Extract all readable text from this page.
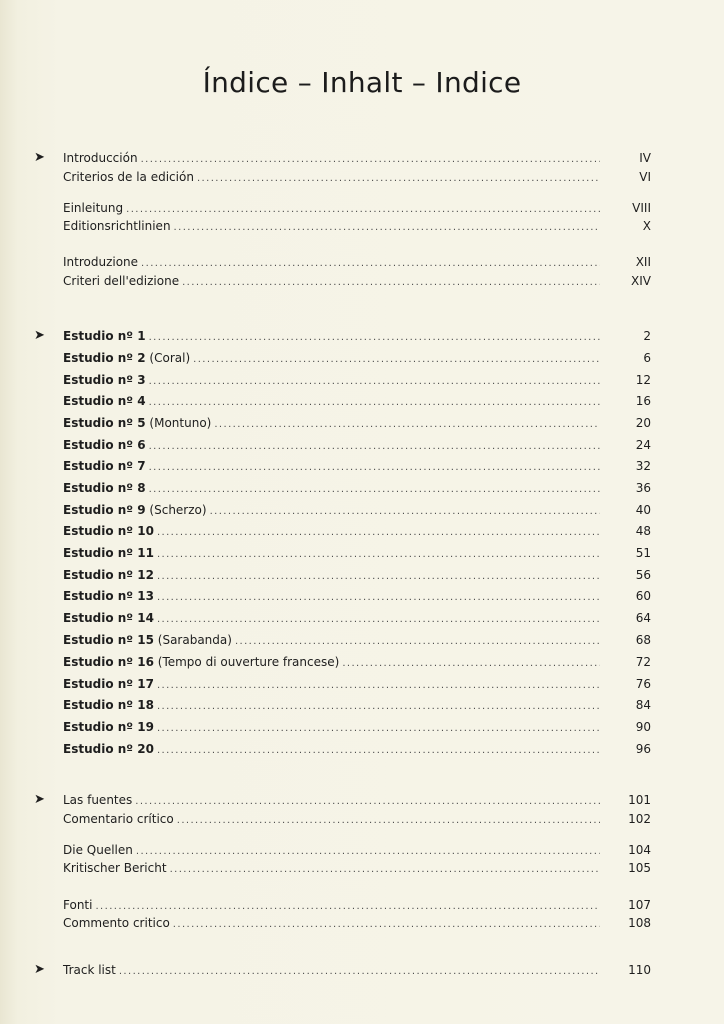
Índice – Inhalt – Indice
➤ Introducción .....	IV
Criterios de la edición .....	VI
Einleitung .....	VIII
Editionsrichtlinien .....	X
Introduzione .....	XII
Criteri dell'edizione .....	XIV
➤ Estudio nº 1 .....	2
Estudio nº 2 (Coral) .....	6
Estudio nº 3 .....	12
Estudio nº 4 .....	16
Estudio nº 5 (Montuno) .....	20
Estudio nº 6 .....	24
Estudio nº 7 .....	32
Estudio nº 8 .....	36
Estudio nº 9 (Scherzo) .....	40
Estudio nº 10 .....	48
Estudio nº 11 .....	51
Estudio nº 12 .....	56
Estudio nº 13 .....	60
Estudio nº 14 .....	64
Estudio nº 15 (Sarabanda) .....	68
Estudio nº 16 (Tempo di ouverture francese) .....	72
Estudio nº 17 .....	76
Estudio nº 18 .....	84
Estudio nº 19 .....	90
Estudio nº 20 .....	96
➤ Las fuentes .....	101
Comentario crítico .....	102
Die Quellen .....	104
Kritischer Bericht .....	105
Fonti .....	107
Commento critico .....	108
➤ Track list .....	110
